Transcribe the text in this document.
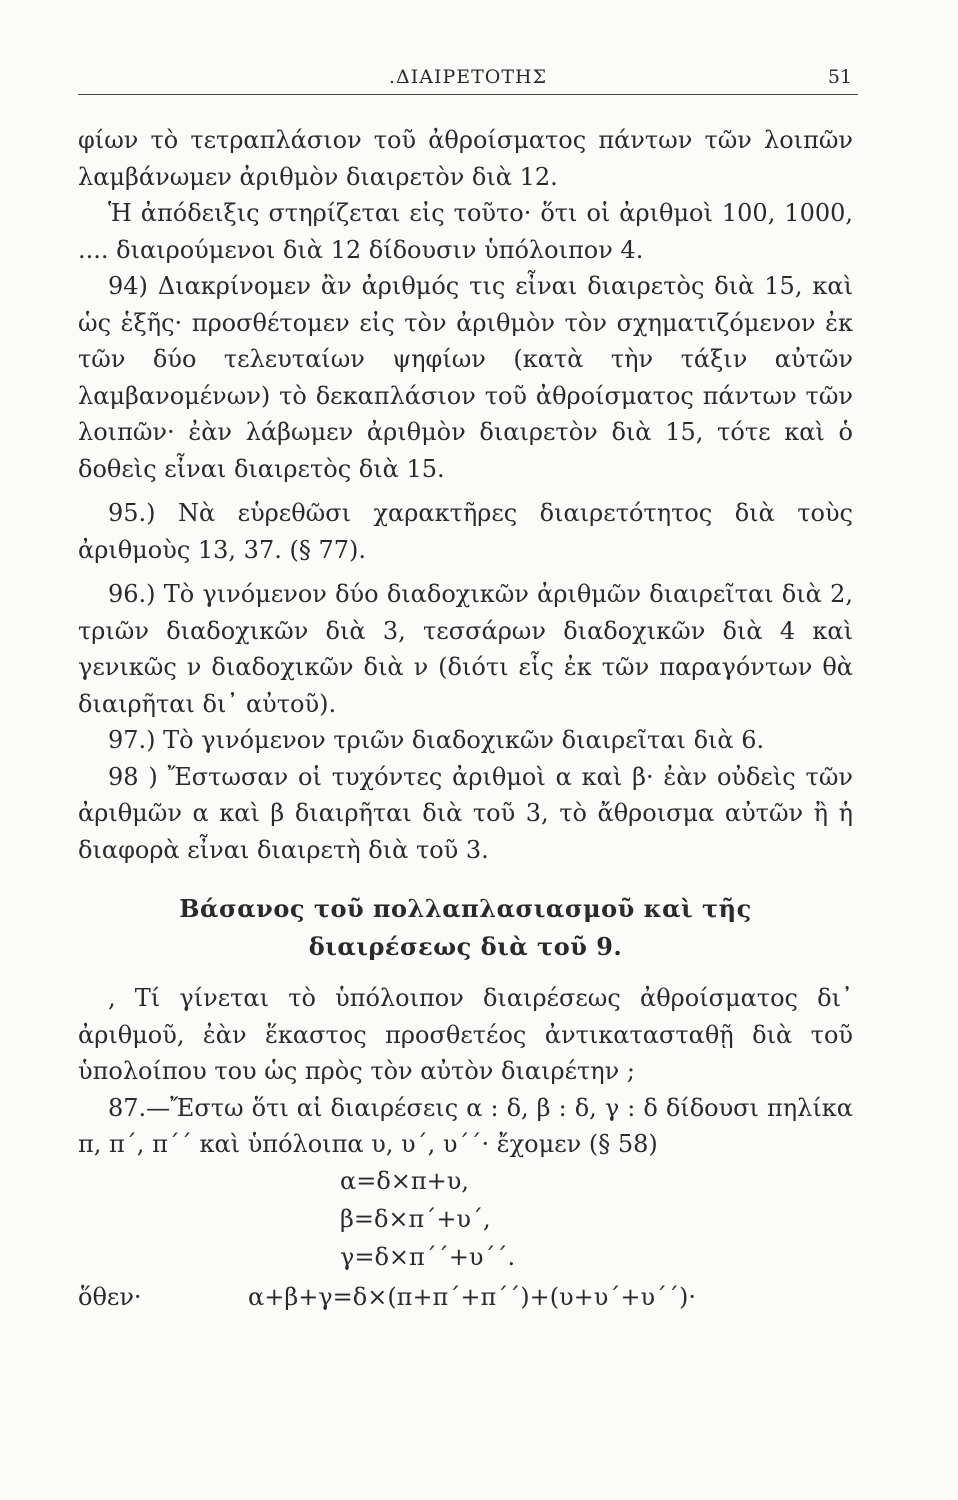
.ΔΙΑΙΡΕΤΟΤΗΣ	51

φίων τὸ τετραπλάσιον τοῦ ἀθροίσματος πάντων τῶν λοιπῶν λαμβάνωμεν ἀριθμὸν διαιρετὸν διὰ 12.

Ἡ ἀπόδειξις στηρίζεται εἰς τοῦτο· ὅτι οἱ ἀριθμοὶ 100, 1000, .... διαιρούμενοι διὰ 12 δίδουσιν ὑπόλοιπον 4.

94) Διακρίνομεν ἂν ἀριθμός τις εἶναι διαιρετὸς διὰ 15, καὶ ὡς ἑξῆς· προσθέτομεν εἰς τὸν ἀριθμὸν τὸν σχηματιζόμενον ἐκ τῶν δύο τελευταίων ψηφίων (κατὰ τὴν τάξιν αὐτῶν λαμβανομένων) τὸ δεκαπλάσιον τοῦ ἀθροίσματος πάντων τῶν λοιπῶν· ἐὰν λάβωμεν ἀριθμὸν διαιρετὸν διὰ 15, τότε καὶ ὁ δοθεὶς εἶναι διαιρετὸς διὰ 15.

95.) Νὰ εὑρεθῶσι χαρακτῆρες διαιρετότητος διὰ τοὺς ἀριθμοὺς 13, 37. (§ 77).

96.) Τὸ γινόμενον δύο διαδοχικῶν ἀριθμῶν διαιρεῖται διὰ 2, τριῶν διαδοχικῶν διὰ 3, τεσσάρων διαδοχικῶν διὰ 4 καὶ γενικῶς ν διαδοχικῶν διὰ ν (διότι εἷς ἐκ τῶν παραγόντων θὰ διαιρῆται δι᾽ αὐτοῦ).

97.) Τὸ γινόμενον τριῶν διαδοχικῶν διαιρεῖται διὰ 6.

98 ) Ἔστωσαν οἱ τυχόντες ἀριθμοὶ α καὶ β· ἐὰν οὐδεὶς τῶν ἀριθμῶν α καὶ β διαιρῆται διὰ τοῦ 3, τὸ ἄθροισμα αὐτῶν ἢ ἡ διαφορὰ εἶναι διαιρετὴ διὰ τοῦ 3.

Βάσανος τοῦ πολλαπλασιασμοῦ καὶ τῆς
διαιρέσεως διὰ τοῦ 9.

, Τί γίνεται τὸ ὑπόλοιπον διαιρέσεως ἀθροίσματος δι᾽ ἀριθμοῦ, ἐὰν ἕκαστος προσθετέος ἀντικατασταθῇ διὰ τοῦ ὑπολοίπου του ὡς πρὸς τὸν αὐτὸν διαιρέτην ;

87.—Ἔστω ὅτι αἱ διαιρέσεις α : δ, β : δ, γ : δ δίδουσι πηλίκα π, π΄, π΄΄ καὶ ὑπόλοιπα υ, υ΄, υ΄΄· ἔχομεν (§ 58)

α=δ×π+υ,
β=δ×π΄+υ΄,
γ=δ×π΄΄+υ΄΄.
ὅθεν·	α+β+γ=δ×(π+π΄+π΄΄)+(υ+υ΄+υ΄΄)·
